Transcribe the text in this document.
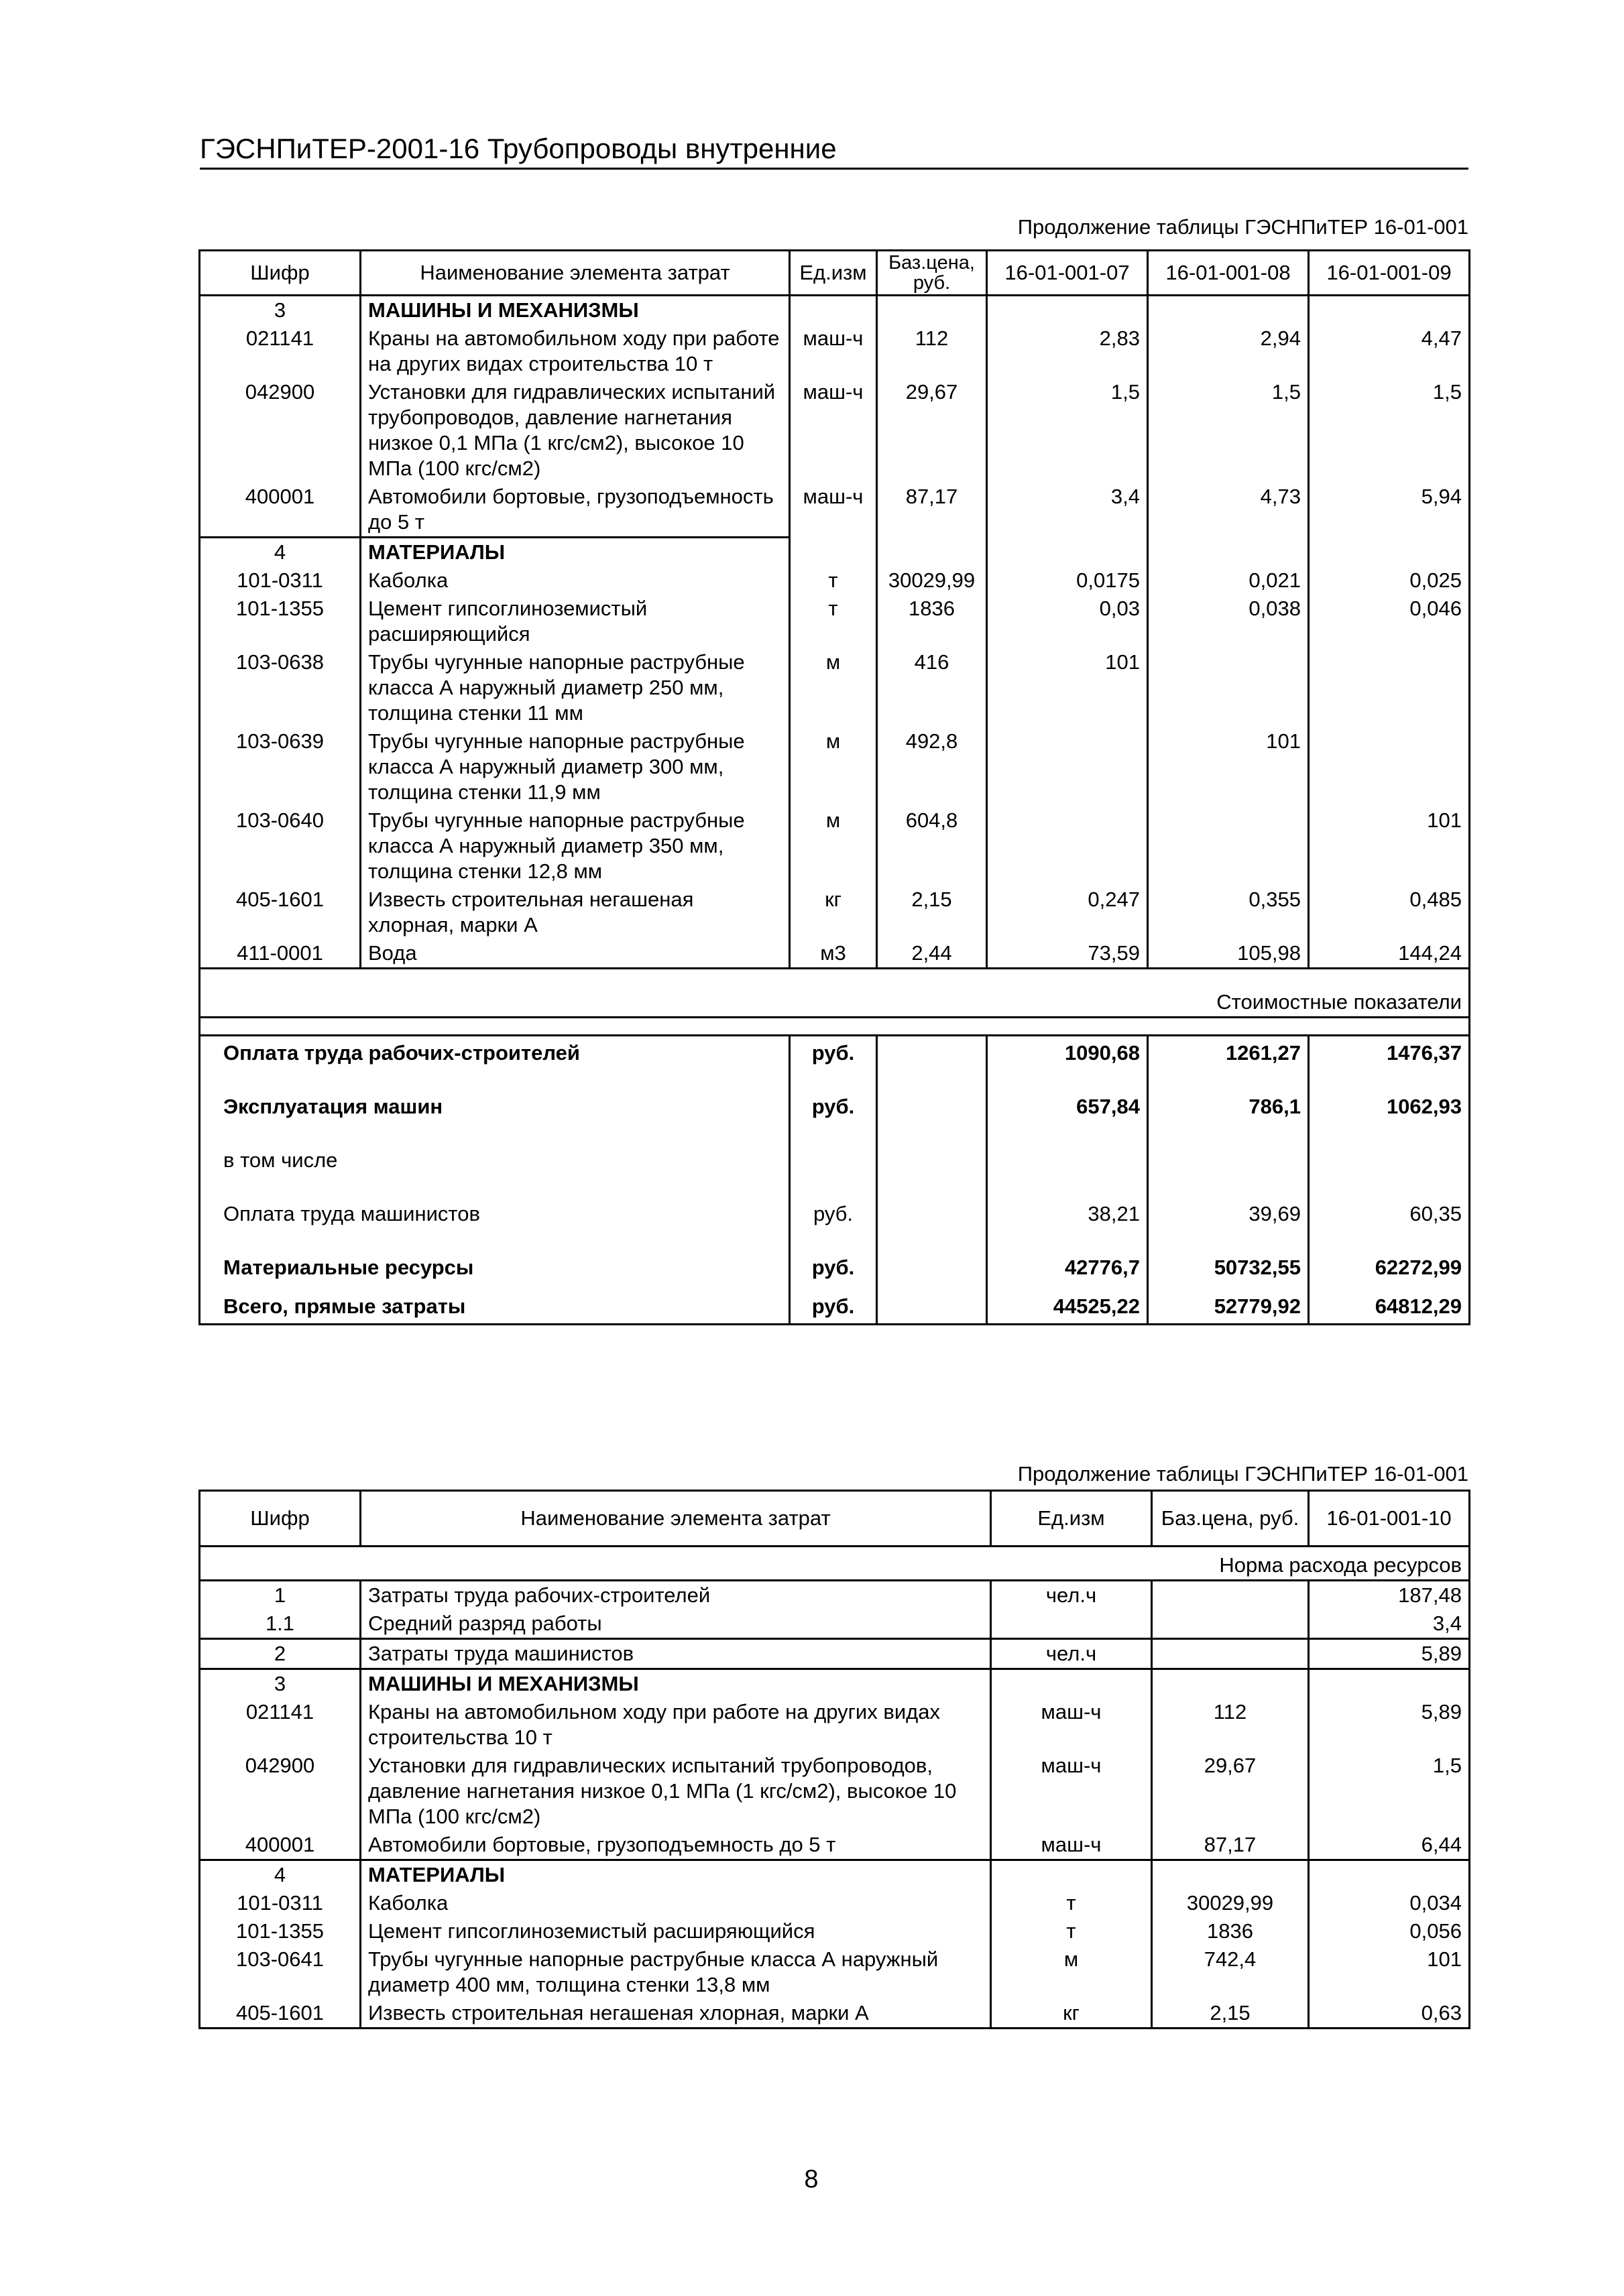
ГЭСНПиТЕР-2001-16 Трубопроводы внутренние
Продолжение таблицы ГЭСНПиТЕР 16-01-001
Шифр	Наименование элемента затрат	Ед.изм	Баз.цена, руб.	16-01-001-07	16-01-001-08	16-01-001-09
3	МАШИНЫ И МЕХАНИЗМЫ					
021141	Краны на автомобильном ходу при работе на других видах строительства 10 т	маш-ч	112	2,83	2,94	4,47
042900	Установки для гидравлических испытаний трубопроводов, давление нагнетания низкое 0,1 МПа (1 кгс/см2), высокое 10 МПа (100 кгс/см2)	маш-ч	29,67	1,5	1,5	1,5
400001	Автомобили бортовые, грузоподъемность до 5 т	маш-ч	87,17	3,4	4,73	5,94
4	МАТЕРИАЛЫ					
101-0311	Каболка	т	30029,99	0,0175	0,021	0,025
101-1355	Цемент гипсоглиноземистый расширяющийся	т	1836	0,03	0,038	0,046
103-0638	Трубы чугунные напорные раструбные класса А наружный диаметр 250 мм, толщина стенки 11 мм	м	416	101		
103-0639	Трубы чугунные напорные раструбные класса А наружный диаметр 300 мм, толщина стенки 11,9 мм	м	492,8		101	
103-0640	Трубы чугунные напорные раструбные класса А наружный диаметр 350 мм, толщина стенки 12,8 мм	м	604,8			101
405-1601	Известь строительная негашеная хлорная, марки А	кг	2,15	0,247	0,355	0,485
411-0001	Вода	м3	2,44	73,59	105,98	144,24
Стоимостные показатели						

Оплата труда рабочих-строителей		руб.		1090,68	1261,27	1476,37
Эксплуатация машин		руб.		657,84	786,1	1062,93
в том числе						
Оплата труда машинистов		руб.		38,21	39,69	60,35
Материальные ресурсы		руб.		42776,7	50732,55	62272,99
Всего, прямые затраты		руб.		44525,22	52779,92	64812,29
Продолжение таблицы ГЭСНПиТЕР 16-01-001
Шифр	Наименование элемента затрат	Ед.изм	Баз.цена, руб.	16-01-001-10
Норма расхода ресурсов				
1	Затраты труда рабочих-строителей	чел.ч		187,48
1.1	Средний разряд работы			3,4
2	Затраты труда машинистов	чел.ч		5,89
3	МАШИНЫ И МЕХАНИЗМЫ			
021141	Краны на автомобильном ходу при работе на других видах строительства 10 т	маш-ч	112	5,89
042900	Установки для гидравлических испытаний трубопроводов, давление нагнетания низкое 0,1 МПа (1 кгс/см2), высокое 10 МПа (100 кгс/см2)	маш-ч	29,67	1,5
400001	Автомобили бортовые, грузоподъемность до 5 т	маш-ч	87,17	6,44
4	МАТЕРИАЛЫ			
101-0311	Каболка	т	30029,99	0,034
101-1355	Цемент гипсоглиноземистый расширяющийся	т	1836	0,056
103-0641	Трубы чугунные напорные раструбные класса А наружный диаметр 400 мм, толщина стенки 13,8 мм	м	742,4	101
405-1601	Известь строительная негашеная хлорная, марки А	кг	2,15	0,63
8
